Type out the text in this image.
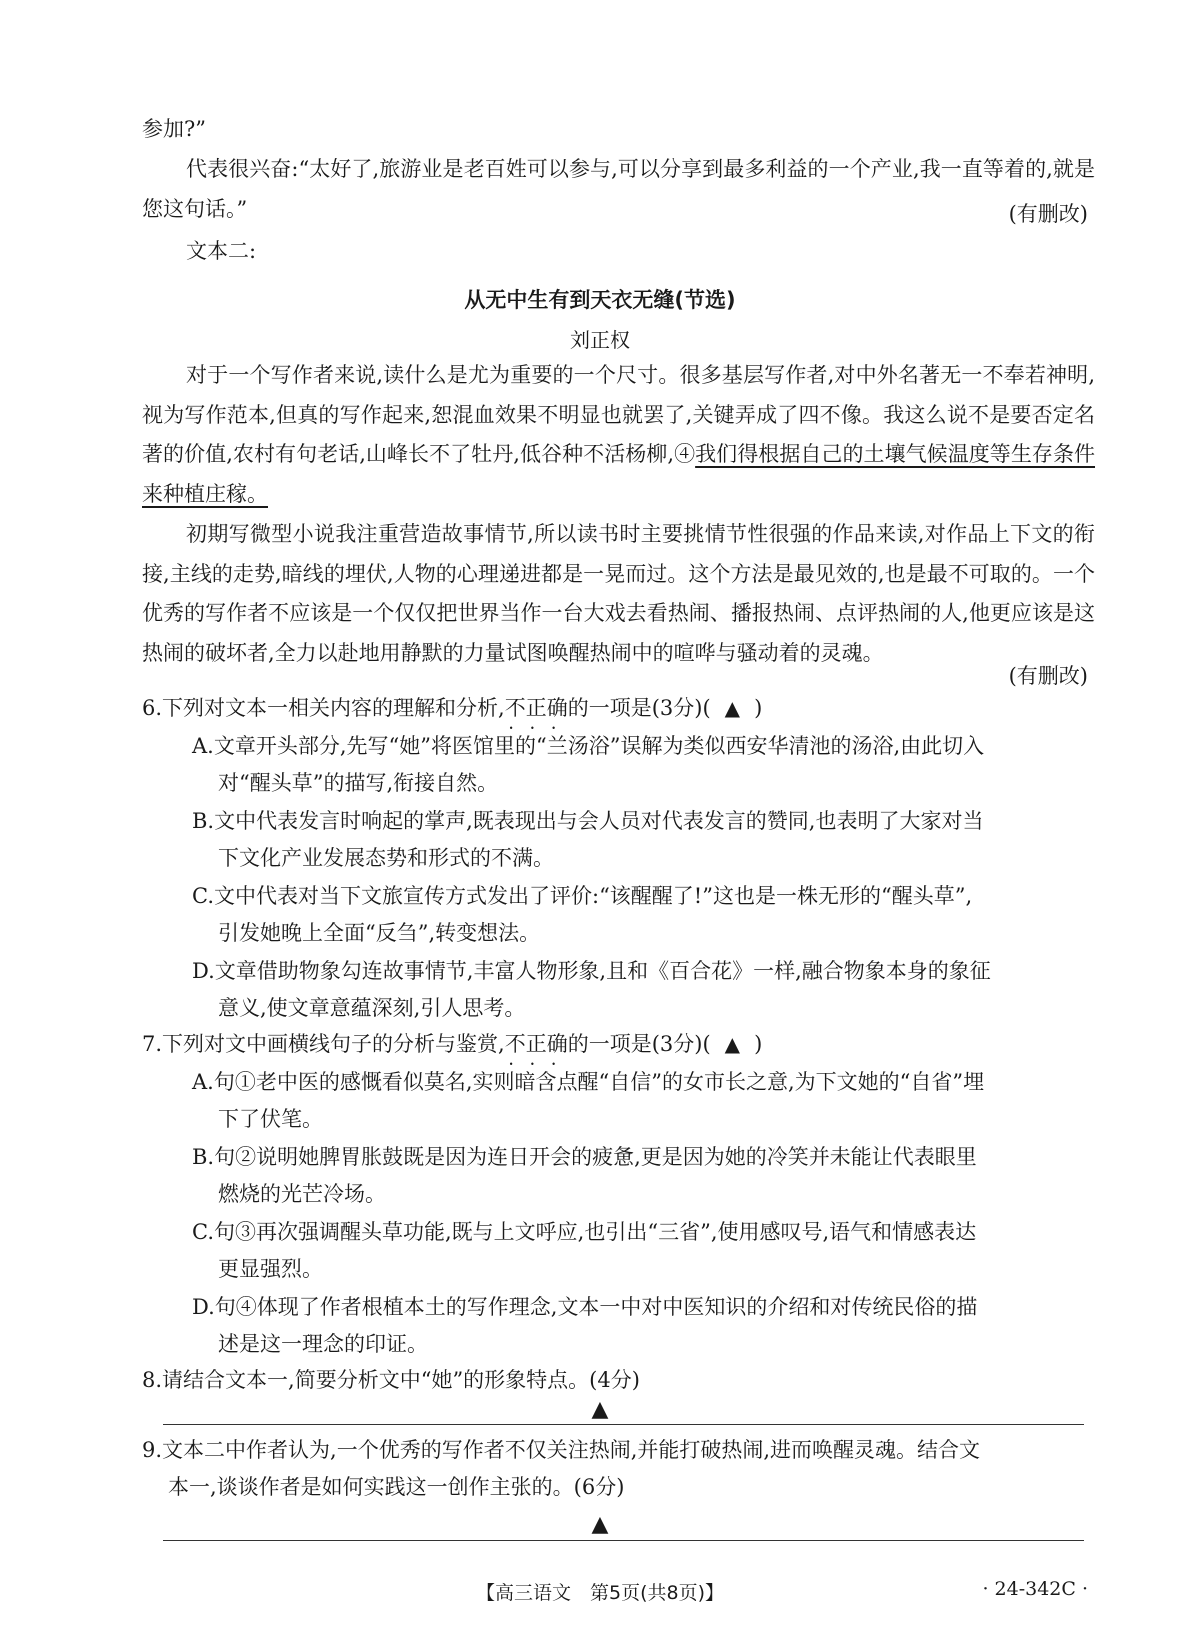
参加?”
代表很兴奋:“太好了,旅游业是老百姓可以参与,可以分享到最多利益的一个产业,我一直等着的,就是您这句话。”	(有删改)
文本二:
从无中生有到天衣无缝(节选)
刘正权
对于一个写作者来说,读什么是尤为重要的一个尺寸。很多基层写作者,对中外名著无一不奉若神明,视为写作范本,但真的写作起来,恕混血效果不明显也就罢了,关键弄成了四不像。我这么说不是要否定名著的价值,农村有句老话,山峰长不了牡丹,低谷种不活杨柳,④我们得根据自己的土壤气候温度等生存条件来种植庄稼。
初期写微型小说我注重营造故事情节,所以读书时主要挑情节性很强的作品来读,对作品上下文的衔接,主线的走势,暗线的埋伏,人物的心理递进都是一晃而过。这个方法是最见效的,也是最不可取的。一个优秀的写作者不应该是一个仅仅把世界当作一台大戏去看热闹、播报热闹、点评热闹的人,他更应该是这热闹的破坏者,全力以赴地用静默的力量试图唤醒热闹中的喧哗与骚动着的灵魂。
(有删改)
6.下列对文本一相关内容的理解和分析,不正确 • • •的一项是(3分)( ▲ )
A.文章开头部分,先写“她”将医馆里的“兰汤浴”误解为类似西安华清池的汤浴,由此切入
对“醒头草”的描写,衔接自然。
B.文中代表发言时响起的掌声,既表现出与会人员对代表发言的赞同,也表明了大家对当
下文化产业发展态势和形式的不满。
C.文中代表对当下文旅宣传方式发出了评价:“该醒醒了!”这也是一株无形的“醒头草”,
引发她晚上全面“反刍”,转变想法。
D.文章借助物象勾连故事情节,丰富人物形象,且和《百合花》一样,融合物象本身的象征
意义,使文章意蕴深刻,引人思考。
7.下列对文中画横线句子的分析与鉴赏,不正确 • • •的一项是(3分)( ▲ )
A.句①老中医的感慨看似莫名,实则暗含点醒“自信”的女市长之意,为下文她的“自省”埋
下了伏笔。
B.句②说明她脾胃胀鼓既是因为连日开会的疲惫,更是因为她的冷笑并未能让代表眼里
燃烧的光芒冷场。
C.句③再次强调醒头草功能,既与上文呼应,也引出“三省”,使用感叹号,语气和情感表达
更显强烈。
D.句④体现了作者根植本土的写作理念,文本一中对中医知识的介绍和对传统民俗的描
述是这一理念的印证。
8.请结合文本一,简要分析文中“她”的形象特点。(4分)
▲
9.文本二中作者认为,一个优秀的写作者不仅关注热闹,并能打破热闹,进而唤醒灵魂。结合文
本一,谈谈作者是如何实践这一创作主张的。(6分)
▲
【高三语文　第5页(共8页)】	· 24-342C ·
